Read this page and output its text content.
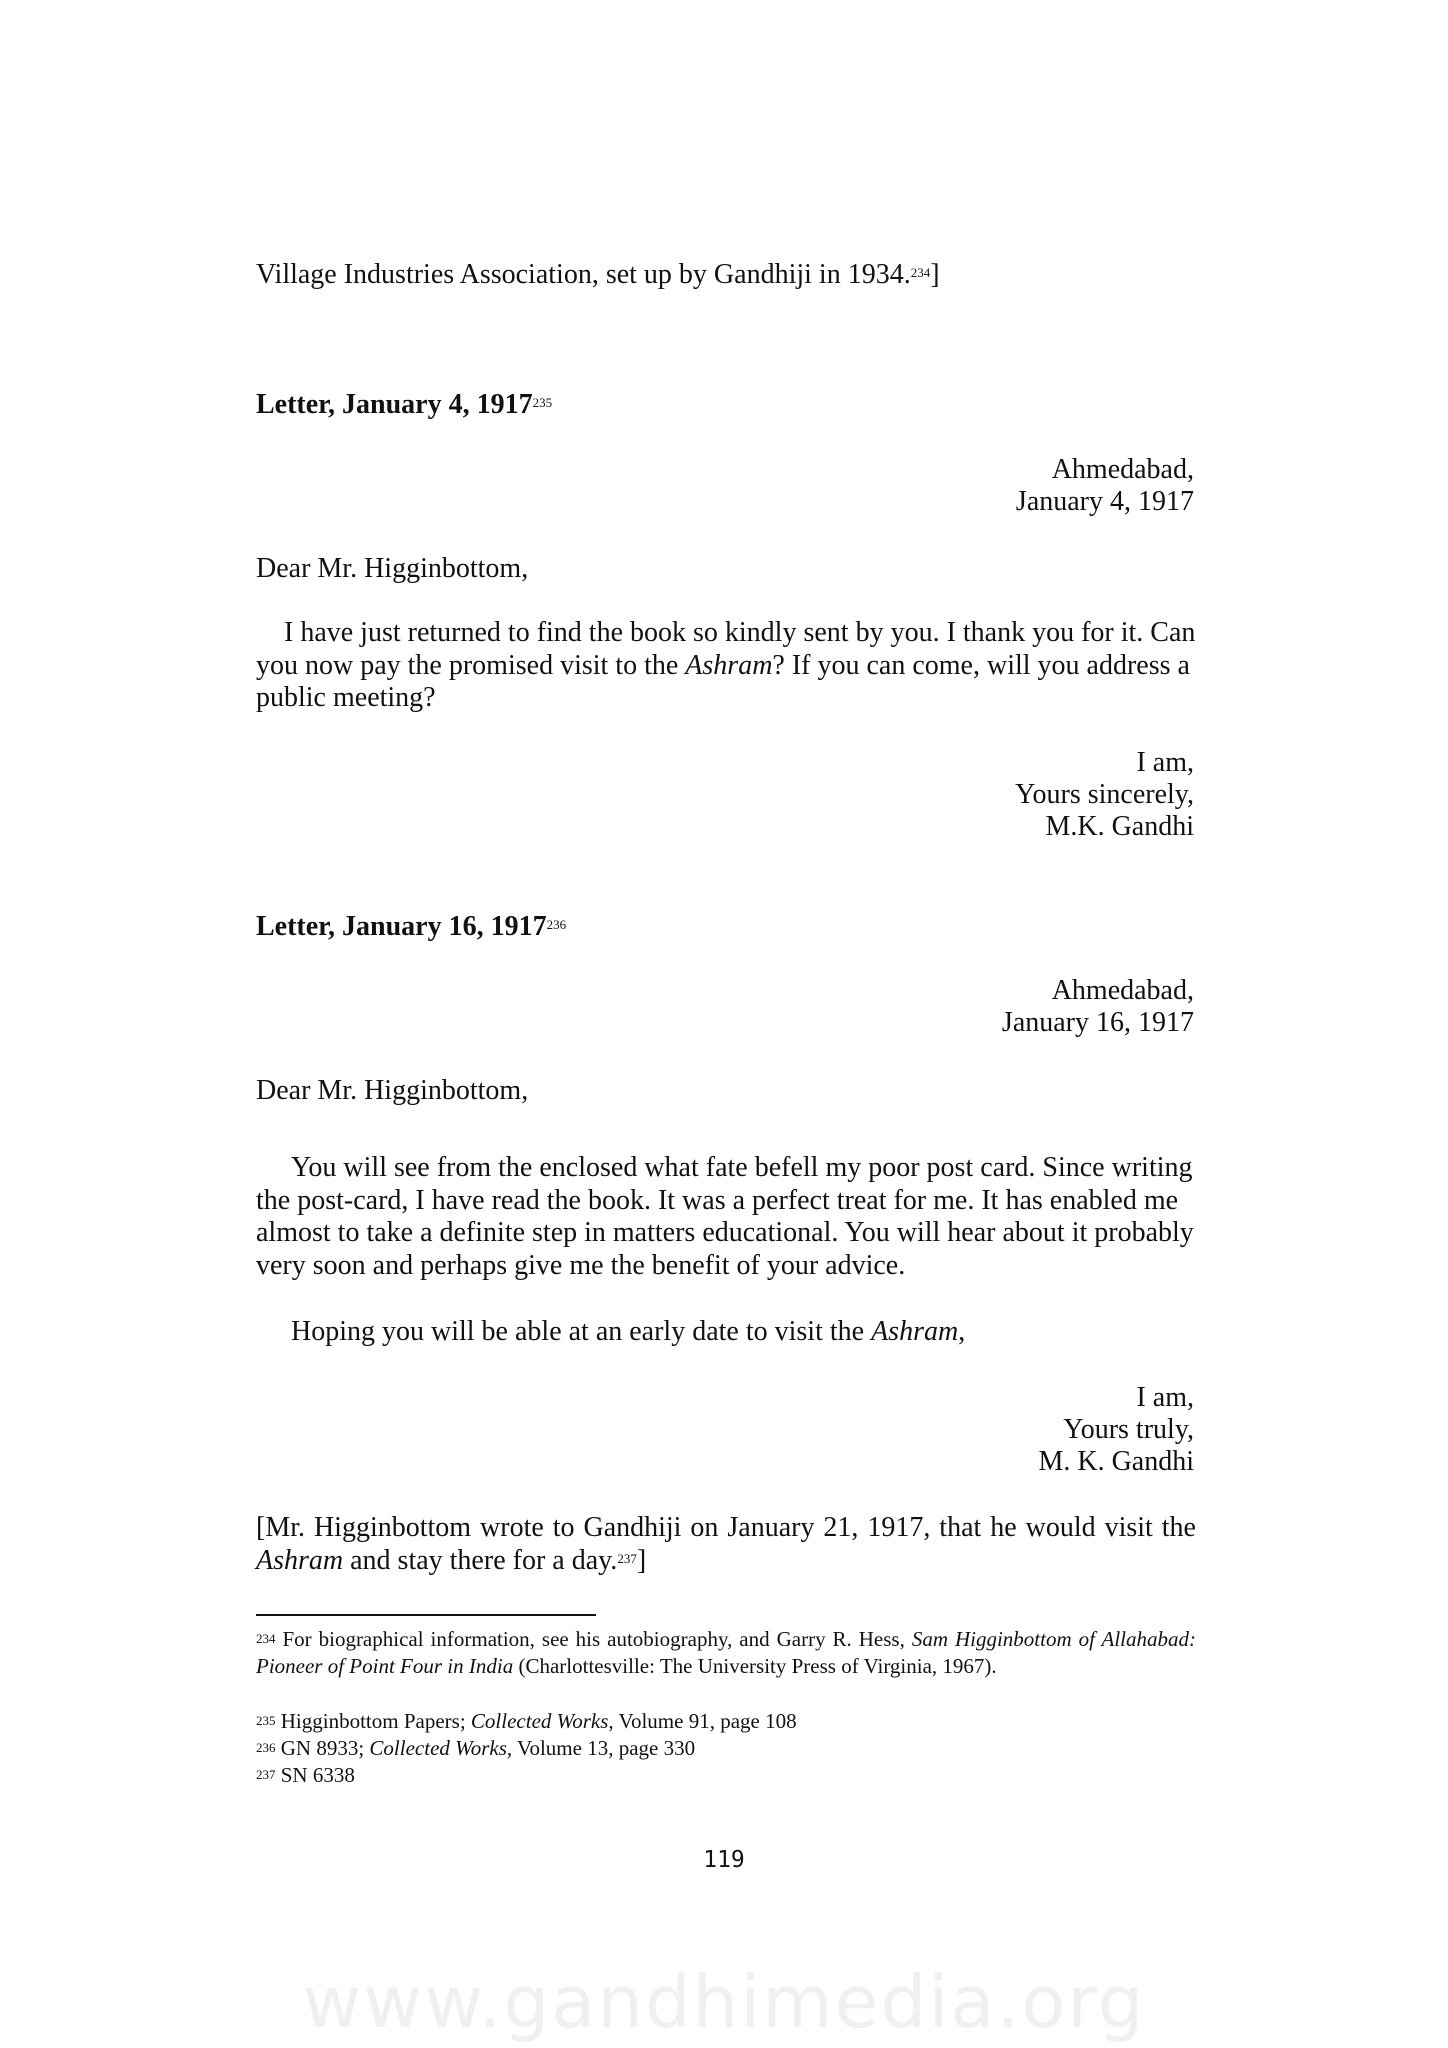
Village Industries Association, set up by Gandhiji in 1934.$^{234}$]
Letter, January 4, 1917$^{235}$
Ahmedabad,
January 4, 1917
Dear Mr. Higginbottom,
I have just returned to find the book so kindly sent by you. I thank you for it. Can you now pay the promised visit to the Ashram? If you can come, will you address a public meeting?
I am,
Yours sincerely,
M.K. Gandhi
Letter, January 16, 1917$^{236}$
Ahmedabad,
January 16, 1917
Dear Mr. Higginbottom,
You will see from the enclosed what fate befell my poor post card. Since writing the post-card, I have read the book. It was a perfect treat for me. It has enabled me almost to take a definite step in matters educational. You will hear about it probably very soon and perhaps give me the benefit of your advice.
Hoping you will be able at an early date to visit the Ashram,
I am,
Yours truly,
M. K. Gandhi
[Mr. Higginbottom wrote to Gandhiji on January 21, 1917, that he would visit the Ashram and stay there for a day.$^{237}$]
$^{234}$ For biographical information, see his autobiography, and Garry R. Hess, Sam Higginbottom of Allahabad: Pioneer of Point Four in India (Charlottesville: The University Press of Virginia, 1967).
$^{235}$ Higginbottom Papers; Collected Works, Volume 91, page 108
$^{236}$ GN 8933; Collected Works, Volume 13, page 330
$^{237}$ SN 6338
119
www.gandhimedia.org
